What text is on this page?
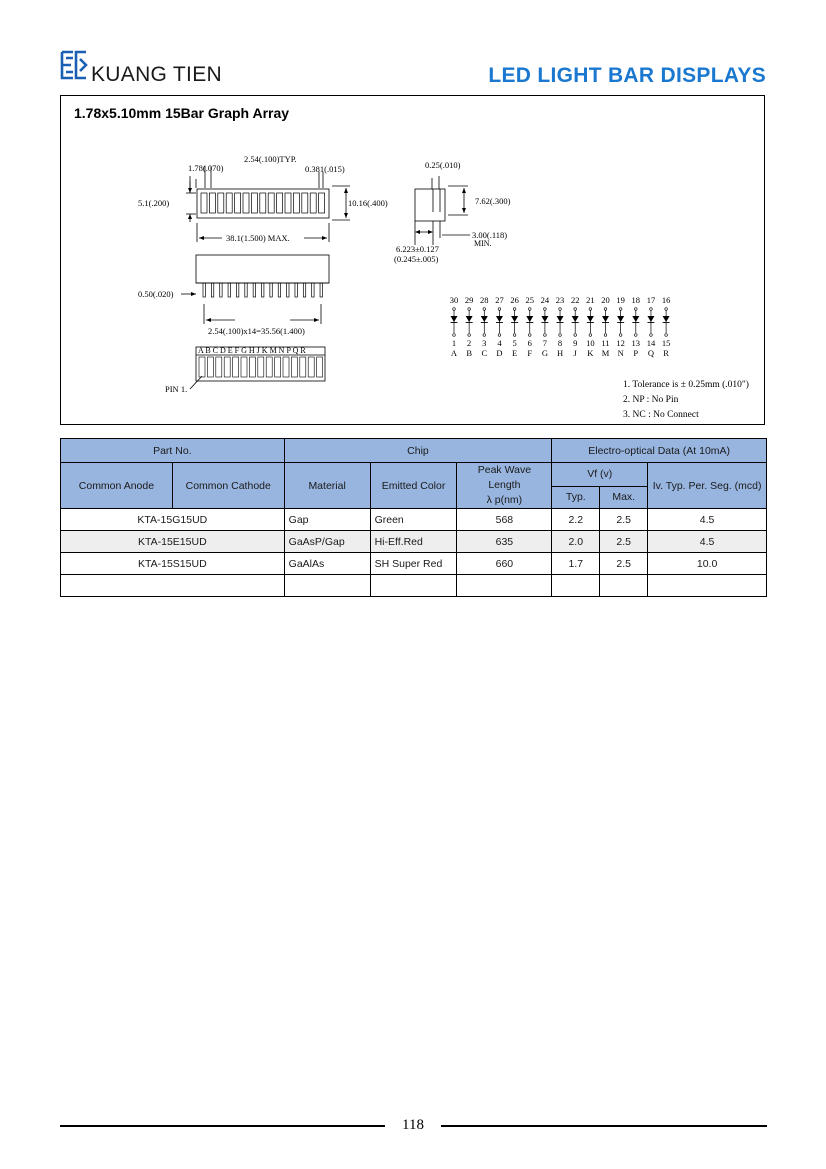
KUANG TIEN	LED LIGHT BAR DISPLAYS
1.78x5.10mm 15Bar Graph Array
1.78(.070)
2.54(.100)TYP.
0.381(.015)
5.1(.200)	10.16(.400)
38.1(1.500) MAX.
0.50(.020)
2.54(.100)x14=35.56(1.400)
A B C D E F G H J K M N P Q R
PIN 1.
0.25(.010)
7.62(.300)
3.00(.118)
MIN.
6.223±0.127
(0.245±.005)
30
1
A
29
2
B
28
3
C
27
4
D
26
5
E
25
6
F
24
7
G
23
8
H
22
9
J
21
10
K
20
11
M
19
12
N
18
13
P
17
14
Q
16
15
R
1. Tolerance is ± 0.25mm (.010")
2. NP : No Pin
3. NC : No Connect
Part No.		Chip			Electro-optical Data (At 10mA)		
Common Anode	Common Cathode	Material	Emitted Color	Peak Wave Length
λ p(nm)	Vf (v)		Iv. Typ. Per. Seg. (mcd)
					Typ.	Max.	
KTA-15G15UD		Gap	Green	568	2.2	2.5	4.5
KTA-15E15UD		GaAsP/Gap	Hi-Eff.Red	635	2.0	2.5	4.5
KTA-15S15UD		GaAlAs	SH Super Red	660	1.7	2.5	10.0

118
